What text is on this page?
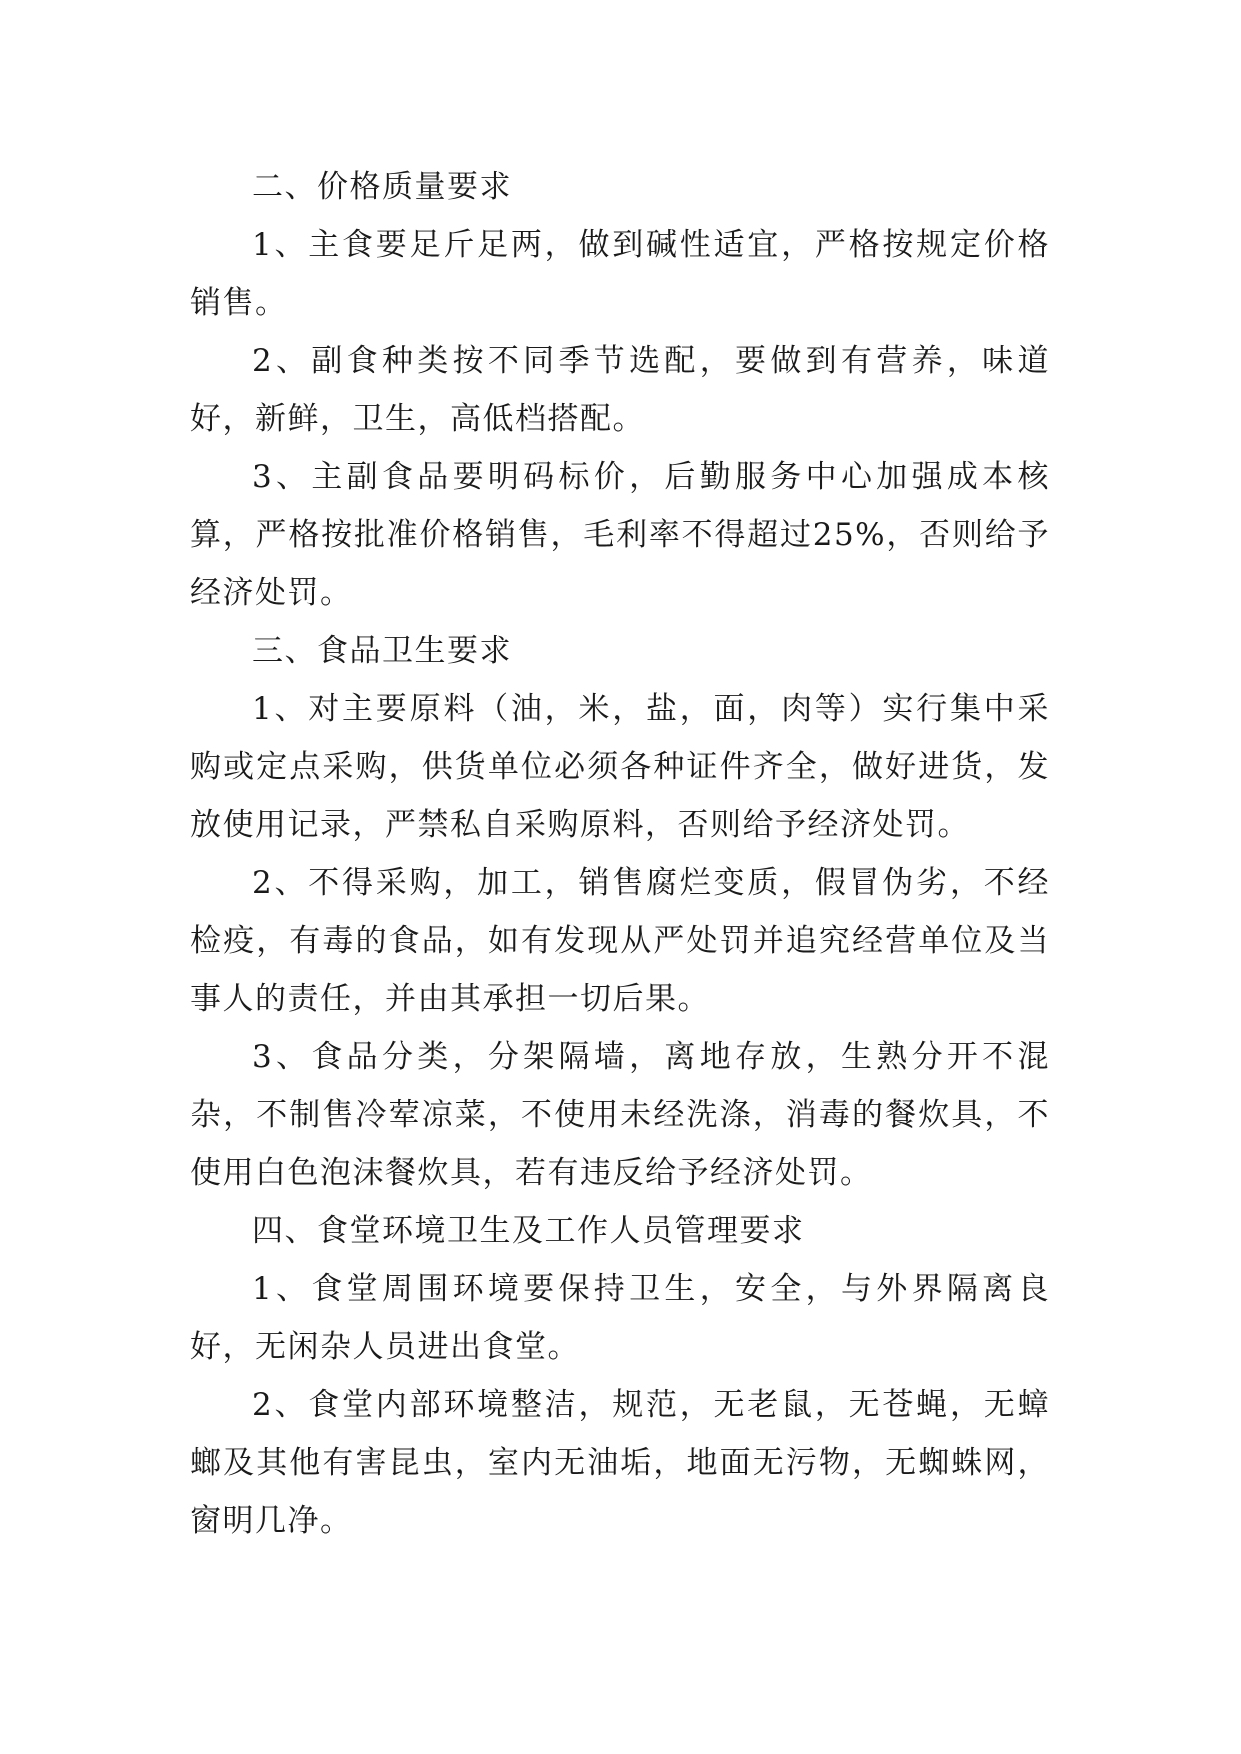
二、价格质量要求

1、主食要足斤足两，做到碱性适宜，严格按规定价格销售。

2、副食种类按不同季节选配，要做到有营养，味道好，新鲜，卫生，高低档搭配。

3、主副食品要明码标价，后勤服务中心加强成本核算，严格按批准价格销售，毛利率不得超过25%，否则给予经济处罚。

三、食品卫生要求

1、对主要原料（油，米，盐，面，肉等）实行集中采购或定点采购，供货单位必须各种证件齐全，做好进货，发放使用记录，严禁私自采购原料，否则给予经济处罚。

2、不得采购，加工，销售腐烂变质，假冒伪劣，不经检疫，有毒的食品，如有发现从严处罚并追究经营单位及当事人的责任，并由其承担一切后果。

3、食品分类，分架隔墙，离地存放，生熟分开不混杂，不制售冷荤凉菜，不使用未经洗涤，消毒的餐炊具，不使用白色泡沫餐炊具，若有违反给予经济处罚。

四、食堂环境卫生及工作人员管理要求

1、食堂周围环境要保持卫生，安全，与外界隔离良好，无闲杂人员进出食堂。

2、食堂内部环境整洁，规范，无老鼠，无苍蝇，无蟑螂及其他有害昆虫，室内无油垢，地面无污物，无蜘蛛网，窗明几净。
